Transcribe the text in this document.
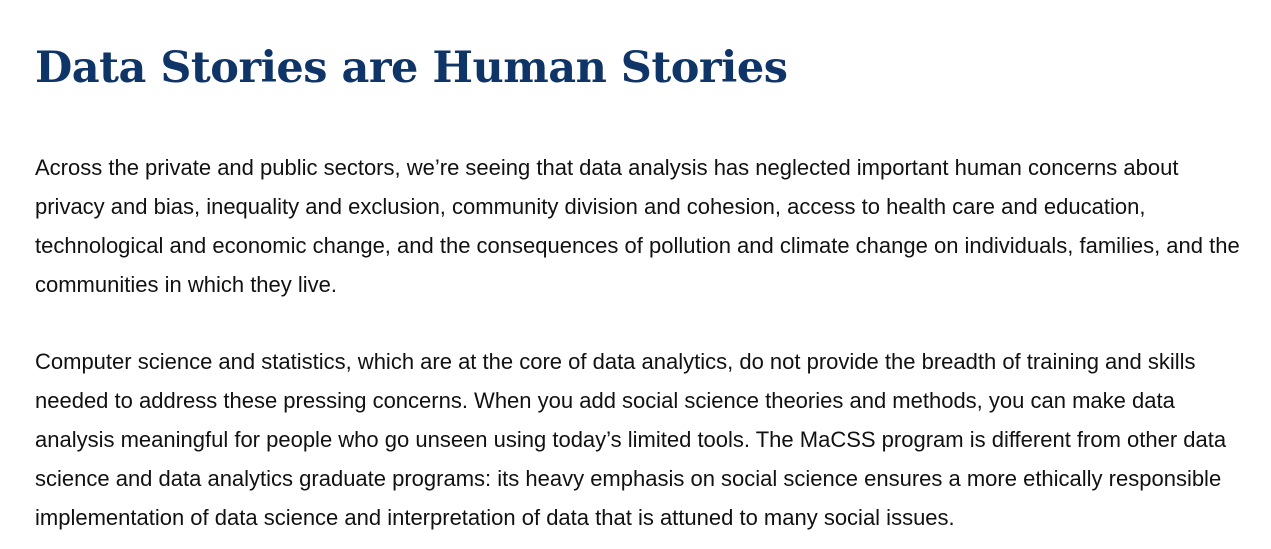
Data Stories are Human Stories

Across the private and public sectors, we’re seeing that data analysis has neglected important human concerns about privacy and bias, inequality and exclusion, community division and cohesion, access to health care and education, technological and economic change, and the consequences of pollution and climate change on individuals, families, and the communities in which they live.

Computer science and statistics, which are at the core of data analytics, do not provide the breadth of training and skills needed to address these pressing concerns. When you add social science theories and methods, you can make data analysis meaningful for people who go unseen using today’s limited tools. The MaCSS program is different from other data science and data analytics graduate programs: its heavy emphasis on social science ensures a more ethically responsible implementation of data science and interpretation of data that is attuned to many social issues.
